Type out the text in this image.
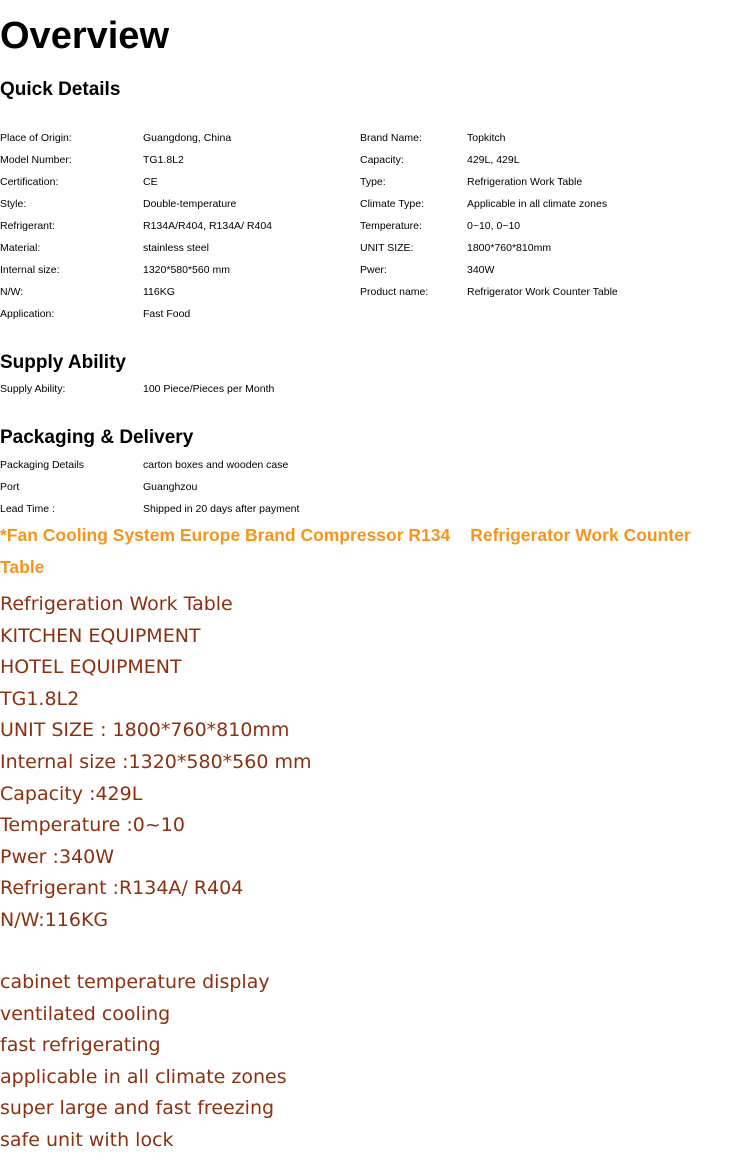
Overview
Quick Details
Place of Origin:	Guangdong, China	Brand Name:	Topkitch
Model Number:	TG1.8L2	Capacity:	429L, 429L
Certification:	CE	Type:	Refrigeration Work Table
Style:	Double-temperature	Climate Type:	Applicable in all climate zones
Refrigerant:	R134A/R404, R134A/ R404	Temperature:	0~10, 0~10
Material:	stainless steel	UNIT SIZE:	1800*760*810mm
Internal size:	1320*580*560 mm	Pwer:	340W
N/W:	116KG	Product name:	Refrigerator Work Counter Table
Application:	Fast Food
Supply Ability
Supply Ability:	100 Piece/Pieces per Month
Packaging & Delivery
Packaging Details	carton boxes and wooden case
Port	Guanghzou
Lead Time :	Shipped in 20 days after payment
*Fan Cooling System Europe Brand Compressor R134 Refrigerator Work Counter Table
Refrigeration Work Table
KITCHEN EQUIPMENT
HOTEL EQUIPMENT
TG1.8L2
UNIT SIZE : 1800*760*810mm
Internal size :1320*580*560 mm
Capacity :429L
Temperature :0~10
Pwer :340W
Refrigerant :R134A/ R404
N/W:116KG
cabinet temperature display
ventilated cooling
fast refrigerating
applicable in all climate zones
super large and fast freezing
safe unit with lock
